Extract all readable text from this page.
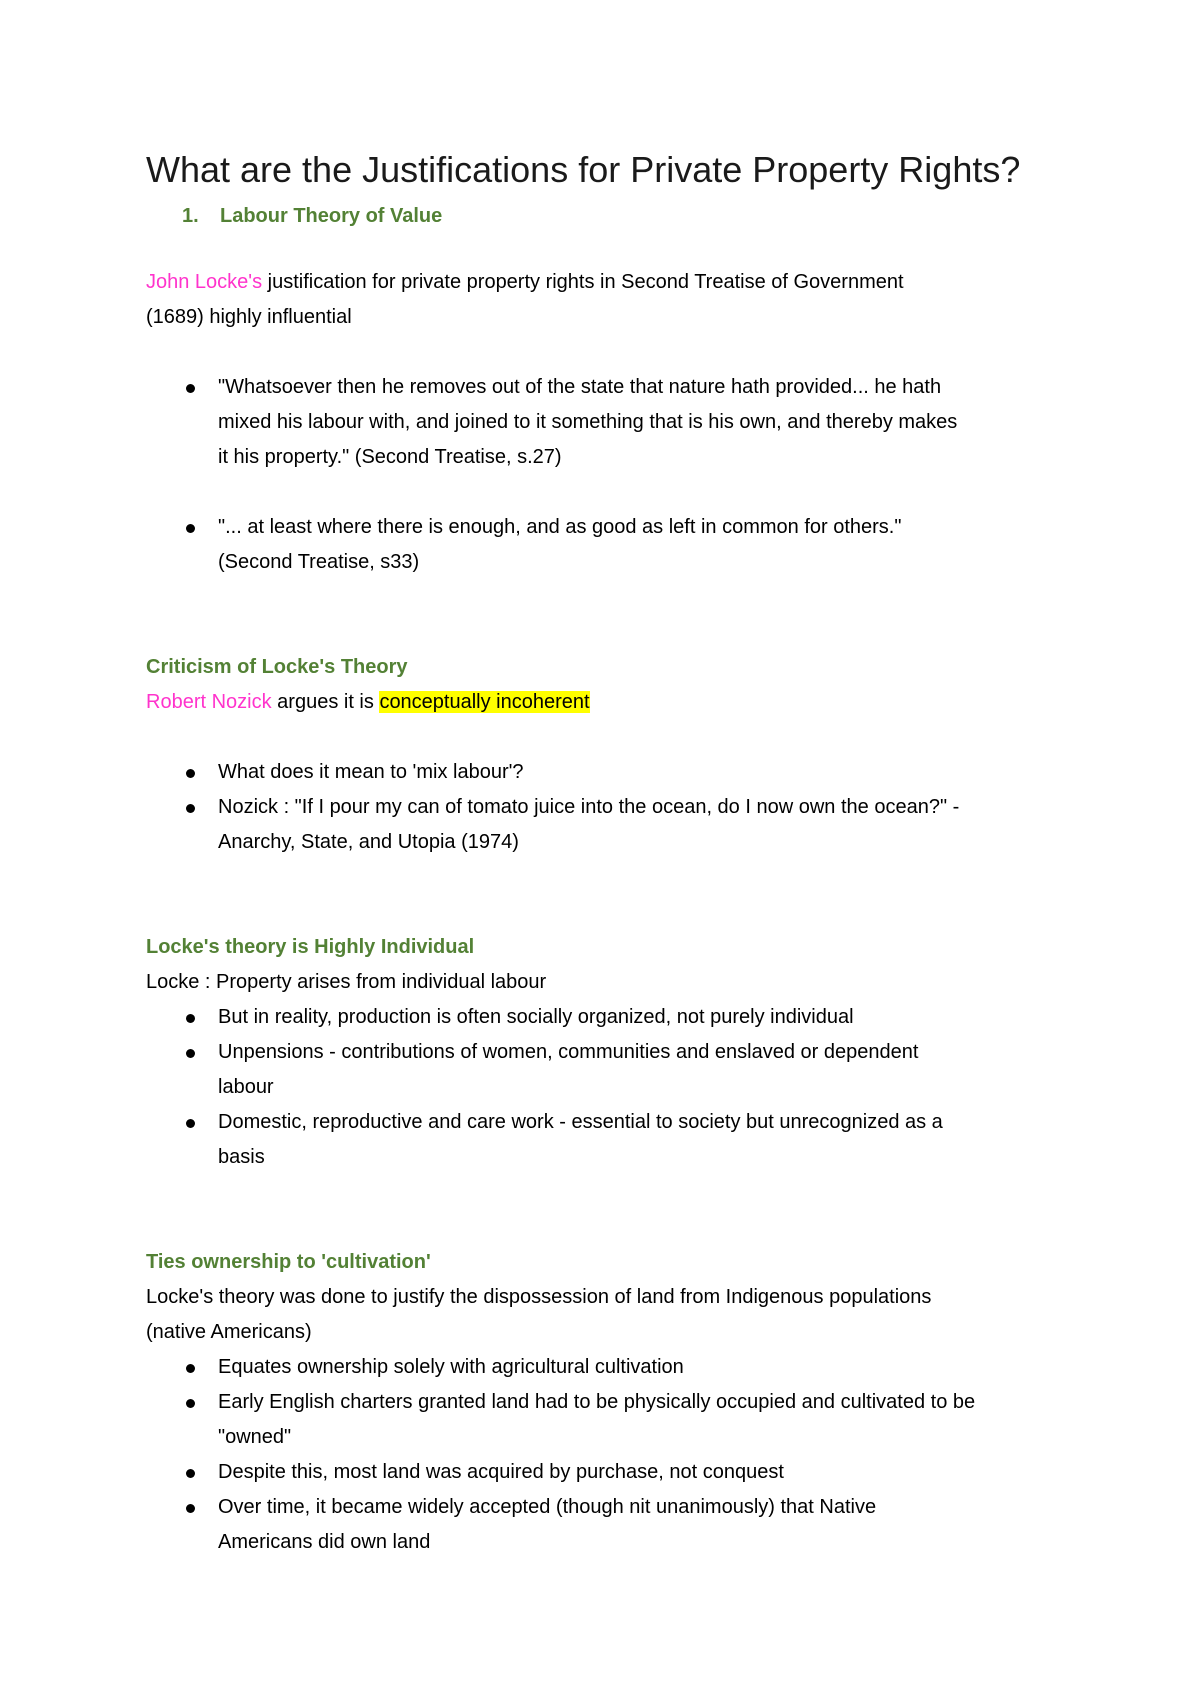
What are the Justifications for Private Property Rights?
1.	Labour Theory of Value

John Locke's justification for private property rights in Second Treatise of Government

(1689) highly influential

"Whatsoever then he removes out of the state that nature hath provided... he hath
mixed his labour with, and joined to it something that is his own, and thereby makes
it his property." (Second Treatise, s.27)
"... at least where there is enough, and as good as left in common for others."
(Second Treatise, s33)

Criticism of Locke's Theory

Robert Nozick argues it is conceptually incoherent

What does it mean to 'mix labour'?
Nozick : "If I pour my can of tomato juice into the ocean, do I now own the ocean?" -
Anarchy, State, and Utopia (1974)

Locke's theory is Highly Individual

Locke : Property arises from individual labour

But in reality, production is often socially organized, not purely individual
Unpensions - contributions of women, communities and enslaved or dependent
labour
Domestic, reproductive and care work - essential to society but unrecognized as a
basis

Ties ownership to 'cultivation'

Locke's theory was done to justify the dispossession of land from Indigenous populations

(native Americans)

Equates ownership solely with agricultural cultivation
Early English charters granted land had to be physically occupied and cultivated to be
"owned"
Despite this, most land was acquired by purchase, not conquest
Over time, it became widely accepted (though nit unanimously) that Native
Americans did own land
